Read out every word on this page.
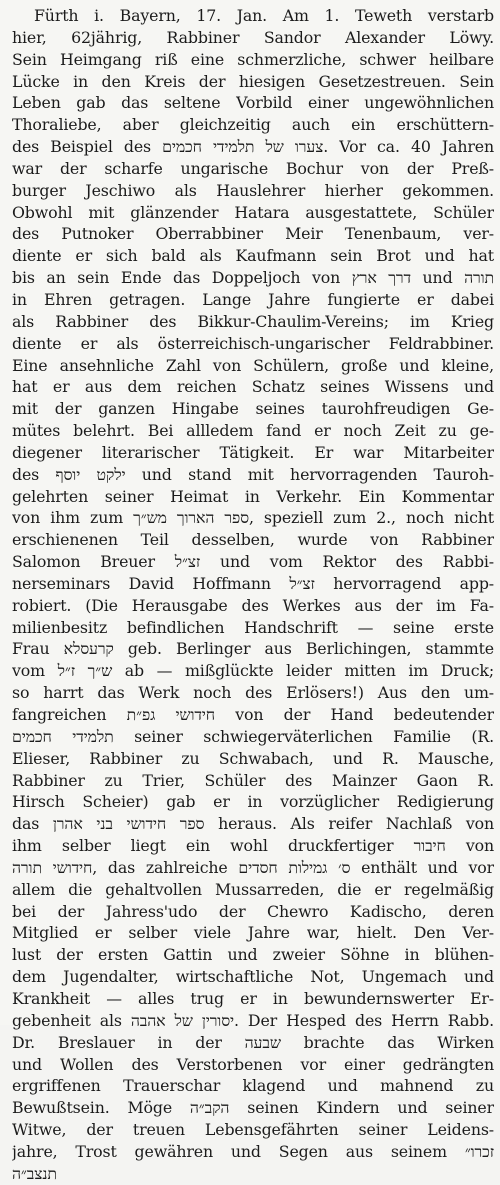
Fürth i. Bayern, 17. Jan. Am 1. Teweth verstarb
hier, 62jährig, Rabbiner Sandor Alexander Löwy.
Sein Heimgang riß eine schmerzliche, schwer heilbare
Lücke in den Kreis der hiesigen Gesetzestreuen. Sein
Leben gab das seltene Vorbild einer ungewöhnlichen
Thoraliebe, aber gleichzeitig auch ein erschüttern-
des Beispiel des צערו של תלמידי חכמים. Vor ca. 40 Jahren
war der scharfe ungarische Bochur von der Preß-
burger Jeschiwo als Hauslehrer hierher gekommen.
Obwohl mit glänzender Hatara ausgestattete, Schüler
des Putnoker Oberrabbiner Meir Tenenbaum, ver-
diente er sich bald als Kaufmann sein Brot und hat
bis an sein Ende das Doppeljoch von דרך ארץ und תורה
in Ehren getragen. Lange Jahre fungierte er dabei
als Rabbiner des Bikkur-Chaulim-Vereins; im Krieg
diente er als österreichisch-ungarischer Feldrabbiner.
Eine ansehnliche Zahl von Schülern, große und kleine,
hat er aus dem reichen Schatz seines Wissens und
mit der ganzen Hingabe seines taurohfreudigen Ge-
mütes belehrt. Bei allledem fand er noch Zeit zu ge-
diegener literarischer Tätigkeit. Er war Mitarbeiter
des ילקט יוסף und stand mit hervorragenden Tauroh-
gelehrten seiner Heimat in Verkehr. Ein Kommentar
von ihm zum ספר הארוך מש״ך, speziell zum 2., noch nicht
erschienenen Teil desselben, wurde von Rabbiner
Salomon Breuer זצ״ל und vom Rektor des Rabbi-
nerseminars David Hoffmann זצ״ל hervorragend app-
robiert. (Die Herausgabe des Werkes aus der im Fa-
milienbesitz befindlichen Handschrift — seine erste
Frau קרעסלא geb. Berlinger aus Berlichingen, stammte
vom ש״ך ז״ל ab — mißglückte leider mitten im Druck;
so harrt das Werk noch des Erlösers!) Aus den um-
fangreichen חידושי גפ״ת von der Hand bedeutender
תלמידי חכמים seiner schwiegerväterlichen Familie (R.
Elieser, Rabbiner zu Schwabach, und R. Mausche,
Rabbiner zu Trier, Schüler des Mainzer Gaon R.
Hirsch Scheier) gab er in vorzüglicher Redigierung
das ספר חידושי בני אהרן heraus. Als reifer Nachlaß von
ihm selber liegt ein wohl druckfertiger חיבור von
חידושי תורה, das zahlreiche ס׳ גמילות חסדים enthält und vor
allem die gehaltvollen Mussarreden, die er regelmäßig
bei der Jahress'udo der Chewro Kadischo, deren
Mitglied er selber viele Jahre war, hielt. Den Ver-
lust der ersten Gattin und zweier Söhne in blühen-
dem Jugendalter, wirtschaftliche Not, Ungemach und
Krankheit — alles trug er in bewundernswerter Er-
gebenheit als יסורין של אהבה. Der Hesped des Herrn Rabb.
Dr. Breslauer in der שבעה brachte das Wirken
und Wollen des Verstorbenen vor einer gedrängten
ergriffenen Trauerschar klagend und mahnend zu
Bewußtsein. Möge הקב״ה seinen Kindern und seiner
Witwe, der treuen Lebensgefährten seiner Leidens-
jahre, Trost gewähren und Segen aus seinem זכרו״
תנצב״ה
